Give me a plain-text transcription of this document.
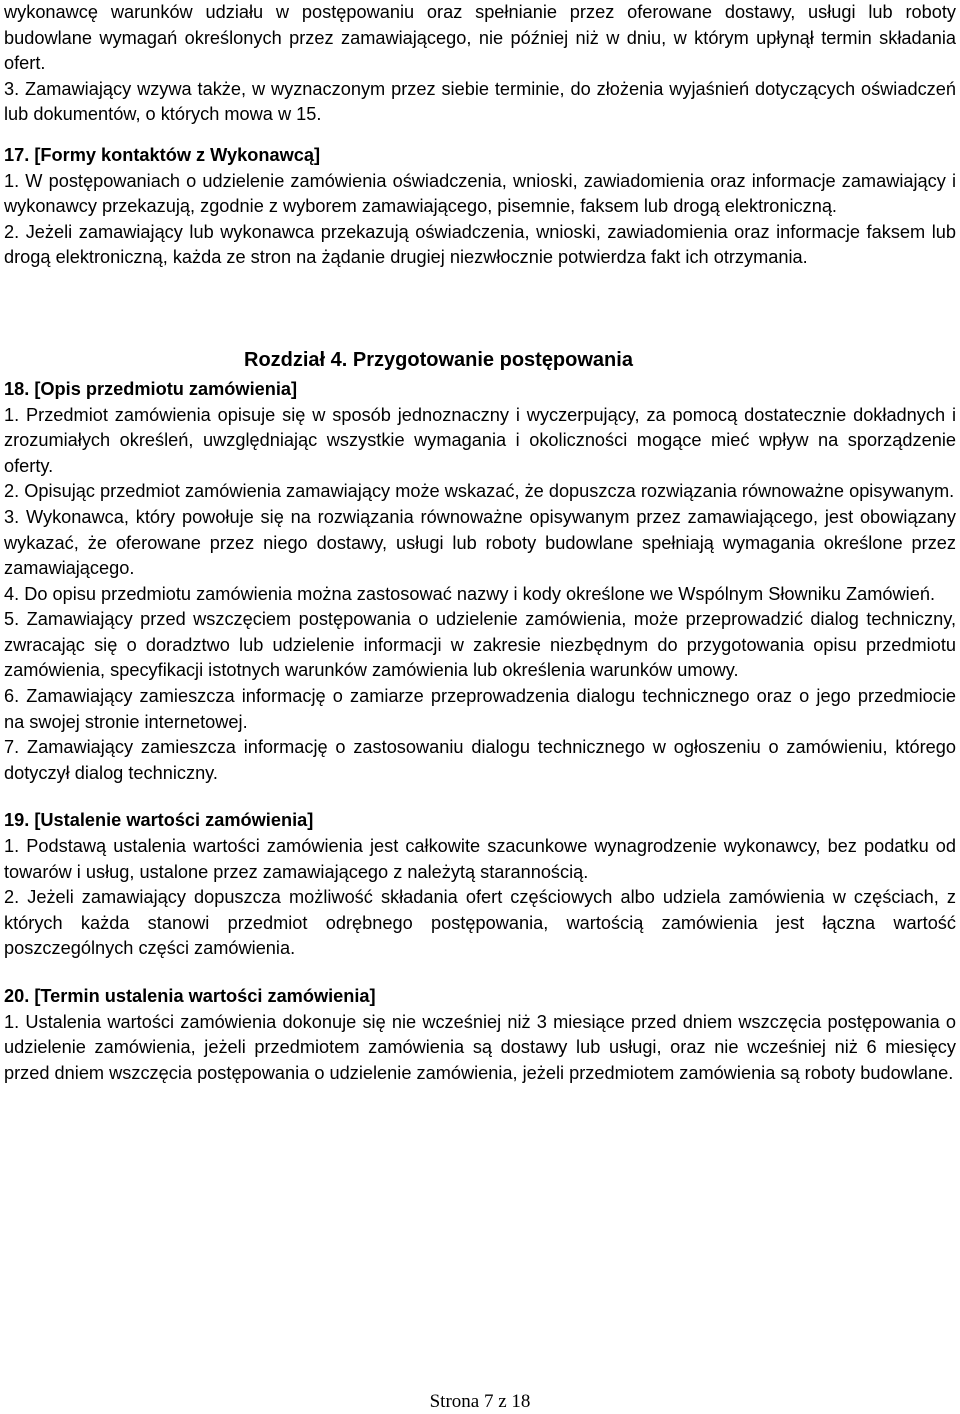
wykonawcę warunków udziału w postępowaniu oraz spełnianie przez oferowane dostawy, usługi lub roboty budowlane wymagań określonych przez zamawiającego, nie później niż w dniu, w którym upłynął termin składania ofert.

3. Zamawiający wzywa także, w wyznaczonym przez siebie terminie, do złożenia wyjaśnień dotyczących oświadczeń lub dokumentów, o których mowa w 15.

17. [Formy kontaktów z Wykonawcą]

1. W postępowaniach o udzielenie zamówienia oświadczenia, wnioski, zawiadomienia oraz informacje zamawiający i wykonawcy przekazują, zgodnie z wyborem zamawiającego, pisemnie, faksem lub drogą elektroniczną.

2. Jeżeli zamawiający lub wykonawca przekazują oświadczenia, wnioski, zawiadomienia oraz informacje faksem lub drogą elektroniczną, każda ze stron na żądanie drugiej niezwłocznie potwierdza fakt ich otrzymania.

Rozdział 4. Przygotowanie postępowania

18. [Opis przedmiotu zamówienia]

1. Przedmiot zamówienia opisuje się w sposób jednoznaczny i wyczerpujący, za pomocą dostatecznie dokładnych i zrozumiałych określeń, uwzględniając wszystkie wymagania i okoliczności mogące mieć wpływ na sporządzenie oferty.

2. Opisując przedmiot zamówienia zamawiający może wskazać, że dopuszcza rozwiązania równoważne opisywanym.

3. Wykonawca, który powołuje się na rozwiązania równoważne opisywanym przez zamawiającego, jest obowiązany wykazać, że oferowane przez niego dostawy, usługi lub roboty budowlane spełniają wymagania określone przez zamawiającego.

4. Do opisu przedmiotu zamówienia można zastosować nazwy i kody określone we Wspólnym Słowniku Zamówień.

5. Zamawiający przed wszczęciem postępowania o udzielenie zamówienia, może przeprowadzić dialog techniczny, zwracając się o doradztwo lub udzielenie informacji w zakresie niezbędnym do przygotowania opisu przedmiotu zamówienia, specyfikacji istotnych warunków zamówienia lub określenia warunków umowy.

6. Zamawiający zamieszcza informację o zamiarze przeprowadzenia dialogu technicznego oraz o jego przedmiocie na swojej stronie internetowej.

7. Zamawiający zamieszcza informację o zastosowaniu dialogu technicznego w ogłoszeniu o zamówieniu, którego dotyczył dialog techniczny.

19. [Ustalenie wartości zamówienia]

1. Podstawą ustalenia wartości zamówienia jest całkowite szacunkowe wynagrodzenie wykonawcy, bez podatku od towarów i usług, ustalone przez zamawiającego z należytą starannością.

2. Jeżeli zamawiający dopuszcza możliwość składania ofert częściowych albo udziela zamówienia w częściach, z których każda stanowi przedmiot odrębnego postępowania, wartością zamówienia jest łączna wartość poszczególnych części zamówienia.

20. [Termin ustalenia wartości zamówienia]

1. Ustalenia wartości zamówienia dokonuje się nie wcześniej niż 3 miesiące przed dniem wszczęcia postępowania o udzielenie zamówienia, jeżeli przedmiotem zamówienia są dostawy lub usługi, oraz nie wcześniej niż 6 miesięcy przed dniem wszczęcia postępowania o udzielenie zamówienia, jeżeli przedmiotem zamówienia są roboty budowlane.

Strona 7 z 18
